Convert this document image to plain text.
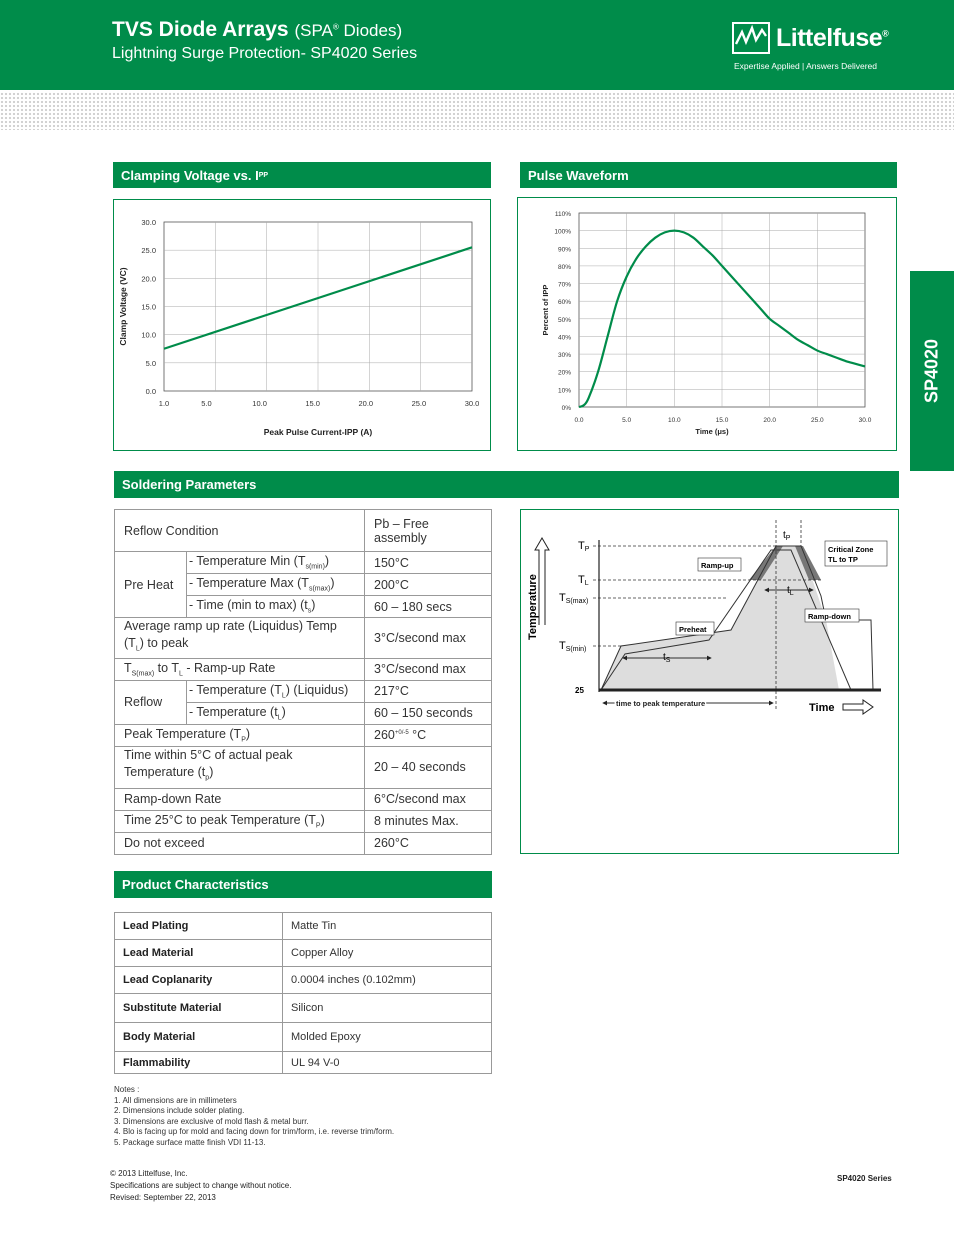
TVS Diode Arrays (SPA® Diodes)
Lightning Surge Protection- SP4020 Series
Littelfuse®
Expertise Applied | Answers Delivered
SP4020
Clamping Voltage vs. I PP
0.0
5.0
10.0
15.0
20.0
25.0
30.0
1.0	5.0	10.0	15.0	20.0	25.0	30.0
Peak Pulse Current-IPP (A)
Clamp Voltage (VC)
Pulse Waveform
0%
10%
20%
30%
40%
50%
60%
70%
80%
90%
100%
110%
0.0	5.0	10.0	15.0	20.0	25.0	30.0
Time (μs)
Percent of IPP
Soldering Parameters
Reflow Condition		Pb – Free assembly
Pre Heat	- Temperature Min $(T_{s(min)})$	150°C
	- Temperature Max $(T_{s(max)})$	200°C
	- Time (min to max) $(t_s)$	60 – 180 secs
Average ramp up rate (Liquidus) Temp
$(T_L)$ to peak		3°C/second max
$T_{S(max)}$ to $T_L$ - Ramp-up Rate		3°C/second max
Reflow	- Temperature $(T_L)$ (Liquidus)	217°C
	- Temperature $(t_L)$	60 – 150 seconds
Peak Temperature $(T_P)$		$260^{+0/-5}$ °C
Time within 5°C of actual peak
Temperature $(t_p)$		20 – 40 seconds
Ramp-down Rate		6°C/second max
Time 25°C to peak Temperature $(T_P)$		8 minutes Max.
Do not exceed		260°C
Temperature
Time
TP
TL
TS(max)
TS(min)
25
$t_P$
$t_L$
$t_S$
Ramp-up
Preheat
Ramp-down
Critical Zone
TL to TP
time to peak temperature
Product Characteristics
Lead Plating	Matte Tin
Lead Material	Copper Alloy
Lead Coplanarity	0.0004 inches (0.102mm)
Substitute Material	Silicon
Body Material	Molded Epoxy
Flammability	UL 94 V-0
Notes :
1. All dimensions are in millimeters
2. Dimensions include solder plating.
3. Dimensions are exclusive of mold flash & metal burr.
4. Blo is facing up for mold and facing down for trim/form, i.e. reverse trim/form.
5. Package surface matte finish VDI 11-13.
© 2013 Littelfuse, Inc.
Specifications are subject to change without notice.
Revised: September 22, 2013
SP4020 Series
